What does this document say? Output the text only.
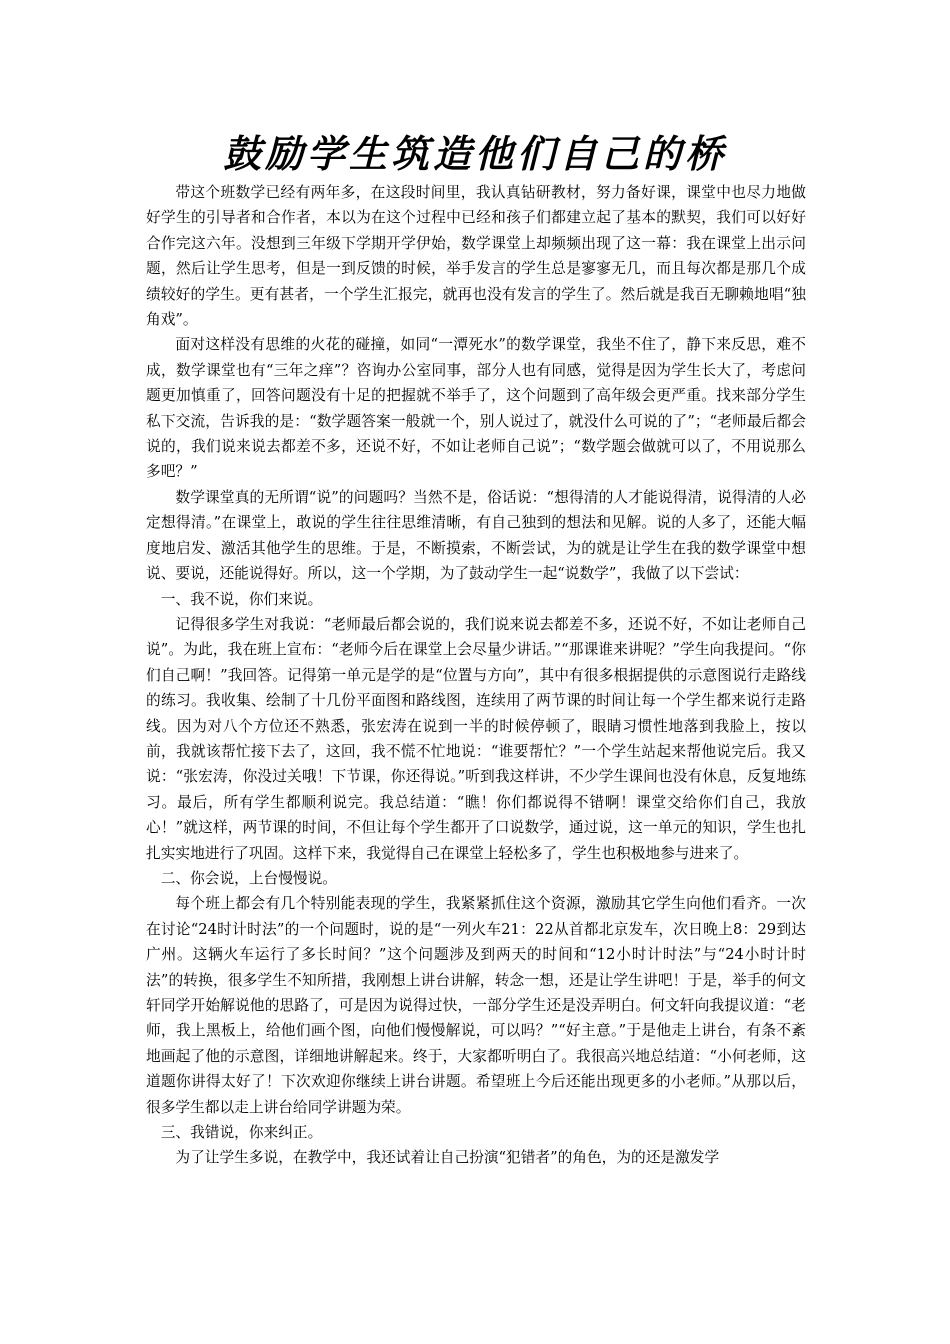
鼓励学生筑造他们自己的桥

带这个班数学已经有两年多，在这段时间里，我认真钻研教材，努力备好课，课堂中也尽力地做好学生的引导者和合作者，本以为在这个过程中已经和孩子们都建立起了基本的默契，我们可以好好合作完这六年。没想到三年级下学期开学伊始，数学课堂上却频频出现了这一幕：我在课堂上出示问题，然后让学生思考，但是一到反馈的时候，举手发言的学生总是寥寥无几，而且每次都是那几个成绩较好的学生。更有甚者，一个学生汇报完，就再也没有发言的学生了。然后就是我百无聊赖地唱“独角戏”。

面对这样没有思维的火花的碰撞，如同“一潭死水”的数学课堂，我坐不住了，静下来反思，难不成，数学课堂也有“三年之痒”？咨询办公室同事，部分人也有同感，觉得是因为学生长大了，考虑问题更加慎重了，回答问题没有十足的把握就不举手了，这个问题到了高年级会更严重。找来部分学生私下交流，告诉我的是：“数学题答案一般就一个，别人说过了，就没什么可说的了”；“老师最后都会说的，我们说来说去都差不多，还说不好，不如让老师自己说”；“数学题会做就可以了，不用说那么多吧？”

数学课堂真的无所谓“说”的问题吗？当然不是，俗话说：“想得清的人才能说得清，说得清的人必定想得清。”在课堂上，敢说的学生往往思维清晰，有自己独到的想法和见解。说的人多了，还能大幅度地启发、激活其他学生的思维。于是，不断摸索，不断尝试，为的就是让学生在我的数学课堂中想说、要说，还能说得好。所以，这一个学期，为了鼓动学生一起“说数学”，我做了以下尝试：

一、我不说，你们来说。

记得很多学生对我说：“老师最后都会说的，我们说来说去都差不多，还说不好，不如让老师自己说”。为此，我在班上宣布：“老师今后在课堂上会尽量少讲话。”“那课谁来讲呢？”学生向我提问。“你们自己啊！”我回答。记得第一单元是学的是“位置与方向”，其中有很多根据提供的示意图说行走路线的练习。我收集、绘制了十几份平面图和路线图，连续用了两节课的时间让每一个学生都来说行走路线。因为对八个方位还不熟悉，张宏涛在说到一半的时候停顿了，眼睛习惯性地落到我脸上，按以前，我就该帮忙接下去了，这回，我不慌不忙地说：“谁要帮忙？”一个学生站起来帮他说完后。我又说：“张宏涛，你没过关哦！下节课，你还得说。”听到我这样讲，不少学生课间也没有休息，反复地练习。最后，所有学生都顺利说完。我总结道：“瞧！你们都说得不错啊！课堂交给你们自己，我放心！”就这样，两节课的时间，不但让每个学生都开了口说数学，通过说，这一单元的知识，学生也扎扎实实地进行了巩固。这样下来，我觉得自己在课堂上轻松多了，学生也积极地参与进来了。

二、你会说，上台慢慢说。

每个班上都会有几个特别能表现的学生，我紧紧抓住这个资源，激励其它学生向他们看齐。一次在讨论“24时计时法”的一个问题时，说的是“一列火车21：22从首都北京发车，次日晚上8：29到达广州。这辆火车运行了多长时间？”这个问题涉及到两天的时间和“12小时计时法”与“24小时计时法”的转换，很多学生不知所措，我刚想上讲台讲解，转念一想，还是让学生讲吧！于是，举手的何文轩同学开始解说他的思路了，可是因为说得过快，一部分学生还是没弄明白。何文轩向我提议道：“老师，我上黑板上，给他们画个图，向他们慢慢解说，可以吗？”“好主意。”于是他走上讲台，有条不紊地画起了他的示意图，详细地讲解起来。终于，大家都听明白了。我很高兴地总结道：“小何老师，这道题你讲得太好了！下次欢迎你继续上讲台讲题。希望班上今后还能出现更多的小老师。”从那以后，很多学生都以走上讲台给同学讲题为荣。

三、我错说，你来纠正。

为了让学生多说，在教学中，我还试着让自己扮演“犯错者”的角色，为的还是激发学
